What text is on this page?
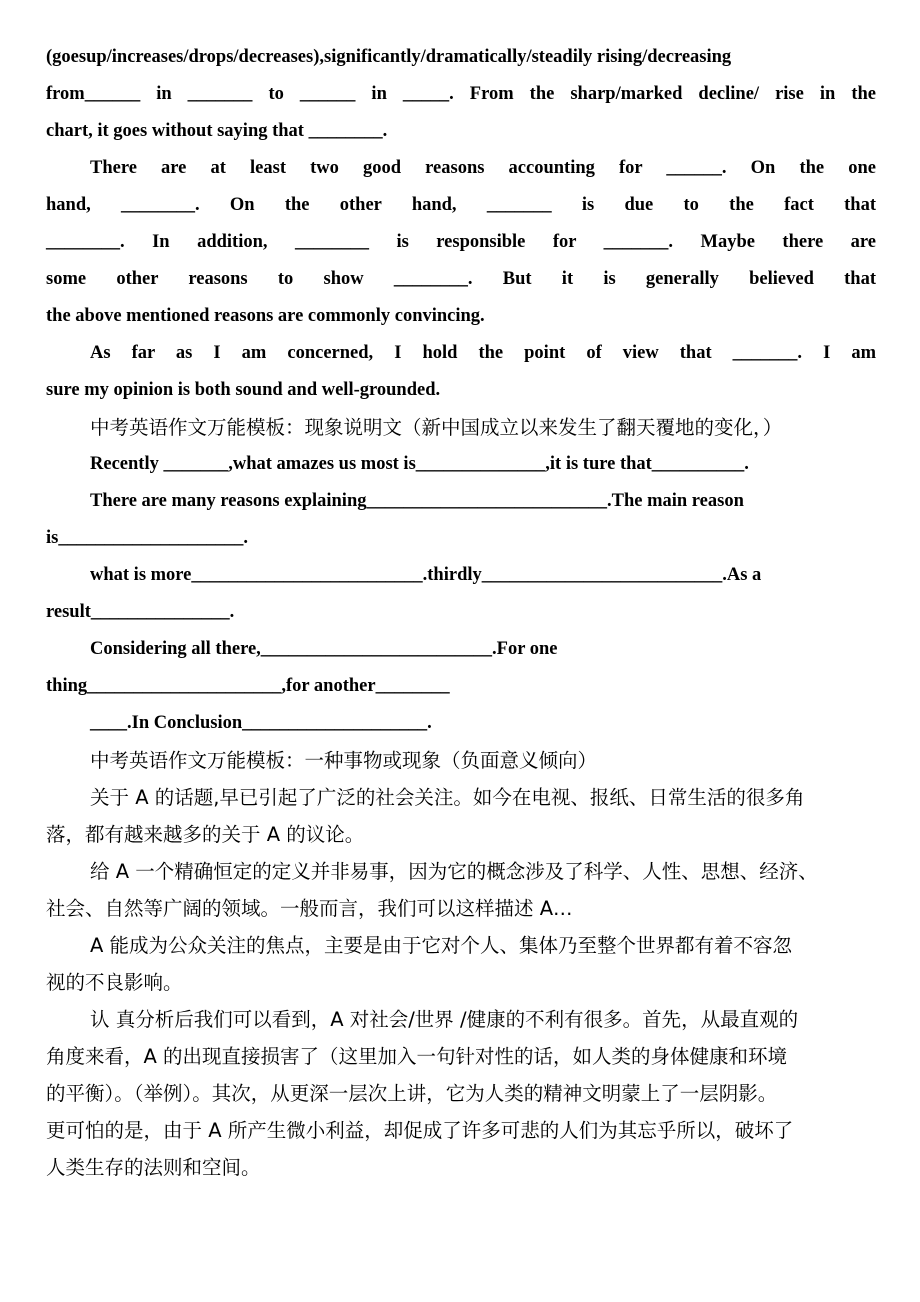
(goesup/increases/drops/decreases),significantly/dramatically/steadily rising/decreasing

from______ in _______ to ______ in _____. From the sharp/marked decline/ rise in the

chart, it goes without saying that ________.

There are at least two good reasons accounting for ______. On the one

hand, ________. On the other hand, _______ is due to the fact that

________. In addition, ________ is responsible for _______. Maybe there are

some other reasons to show ________. But it is generally believed that

the above mentioned reasons are commonly convincing.

As far as I am concerned, I hold the point of view that _______. I am

sure my opinion is both sound and well-grounded.

中考英语作文万能模板：现象说明文（新中国成立以来发生了翻天覆地的变化，）

Recently _______,what amazes us most is______________,it is ture that__________.

There are many reasons explaining__________________________.The main reason

is____________________.

what is more_________________________.thirdly__________________________.As a

result_______________.

Considering all there,_________________________.For one

thing_____________________,for another________

____.In Conclusion____________________.

中考英语作文万能模板：一种事物或现象（负面意义倾向）

关于 A 的话题,早已引起了广泛的社会关注。如今在电视、报纸、日常生活的很多角

落，都有越来越多的关于 A 的议论。

给 A 一个精确恒定的定义并非易事，因为它的概念涉及了科学、人性、思想、经济、

社会、自然等广阔的领域。一般而言，我们可以这样描述 A…

A 能成为公众关注的焦点，主要是由于它对个人、集体乃至整个世界都有着不容忽

视的不良影响。

认 真分析后我们可以看到，A 对社会/世界 /健康的不利有很多。首先，从最直观的

角度来看，A 的出现直接损害了（这里加入一句针对性的话，如人类的身体健康和环境

的平衡）。（举例）。其次，从更深一层次上讲，它为人类的精神文明蒙上了一层阴影。

更可怕的是，由于 A 所产生微小利益，却促成了许多可悲的人们为其忘乎所以，破坏了

人类生存的法则和空间。
